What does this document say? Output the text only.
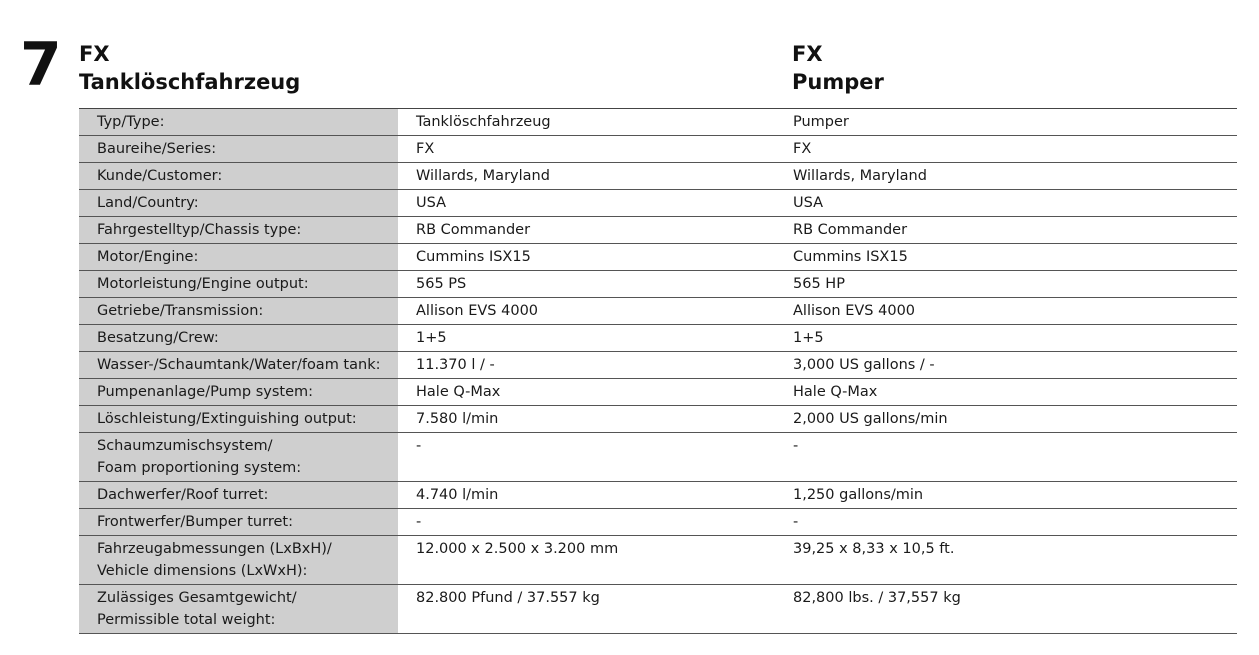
7 FX
Tanklöschfahrzeug
FX
Pumper
Typ/Type:	Tanklöschfahrzeug	Pumper
Baureihe/Series:	FX	FX
Kunde/Customer:	Willards, Maryland	Willards, Maryland
Land/Country:	USA	USA
Fahrgestelltyp/Chassis type:	RB Commander	RB Commander
Motor/Engine:	Cummins ISX15	Cummins ISX15
Motorleistung/Engine output:	565 PS	565 HP
Getriebe/Transmission:	Allison EVS 4000	Allison EVS 4000
Besatzung/Crew:	1+5	1+5
Wasser-/Schaumtank/Water/foam tank:	11.370 l / -	3,000 US gallons / -
Pumpenanlage/Pump system:	Hale Q-Max	Hale Q-Max
Löschleistung/Extinguishing output:	7.580 l/min	2,000 US gallons/min
Schaumzumischsystem/
Foam proportioning system:	-	-
Dachwerfer/Roof turret:	4.740 l/min	1,250 gallons/min
Frontwerfer/Bumper turret:	-	-
Fahrzeugabmessungen (LxBxH)/
Vehicle dimensions (LxWxH):	12.000 x 2.500 x 3.200 mm	39,25 x 8,33 x 10,5 ft.
Zulässiges Gesamtgewicht/
Permissible total weight:	82.800 Pfund / 37.557 kg	82,800 lbs. / 37,557 kg
